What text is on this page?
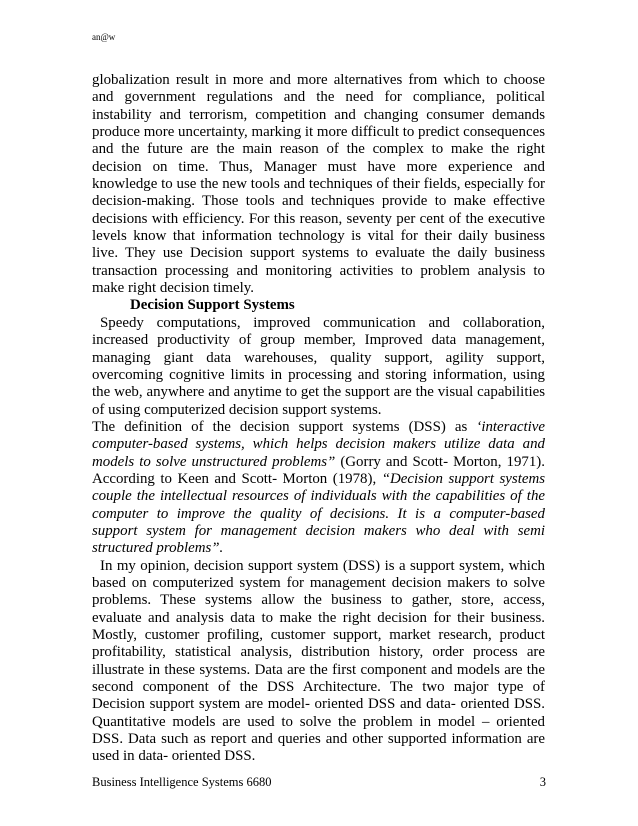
an@w

globalization result in more and more alternatives from which to choose and government regulations and the need for compliance, political instability and terrorism, competition and changing consumer demands produce more uncertainty, marking it more difficult to predict consequences and the future are the main reason of the complex to make the right decision on time. Thus, Manager must have more experience and knowledge to use the new tools and techniques of their fields, especially for decision-making. Those tools and techniques provide to make effective decisions with efficiency. For this reason, seventy per cent of the executive levels know that information technology is vital for their daily business live. They use Decision support systems to evaluate the daily business transaction processing and monitoring activities to problem analysis to make right decision timely.

Decision Support Systems

Speedy computations, improved communication and collaboration, increased productivity of group member, Improved data management, managing giant data warehouses, quality support, agility support, overcoming cognitive limits in processing and storing information, using the web, anywhere and anytime to get the support are the visual capabilities of using computerized decision support systems.

The definition of the decision support systems (DSS) as ‘interactive computer-based systems, which helps decision makers utilize data and models to solve unstructured problems” (Gorry and Scott- Morton, 1971). According to Keen and Scott- Morton (1978), “Decision support systems couple the intellectual resources of individuals with the capabilities of the computer to improve the quality of decisions. It is a computer-based support system for management decision makers who deal with semi structured problems”.

In my opinion, decision support system (DSS) is a support system, which based on computerized system for management decision makers to solve problems. These systems allow the business to gather, store, access, evaluate and analysis data to make the right decision for their business. Mostly, customer profiling, customer support, market research, product profitability, statistical analysis, distribution history, order process are illustrate in these systems. Data are the first component and models are the second component of the DSS Architecture. The two major type of Decision support system are model- oriented DSS and data- oriented DSS. Quantitative models are used to solve the problem in model – oriented DSS. Data such as report and queries and other supported information are used in data- oriented DSS.

Business Intelligence Systems 6680	3
